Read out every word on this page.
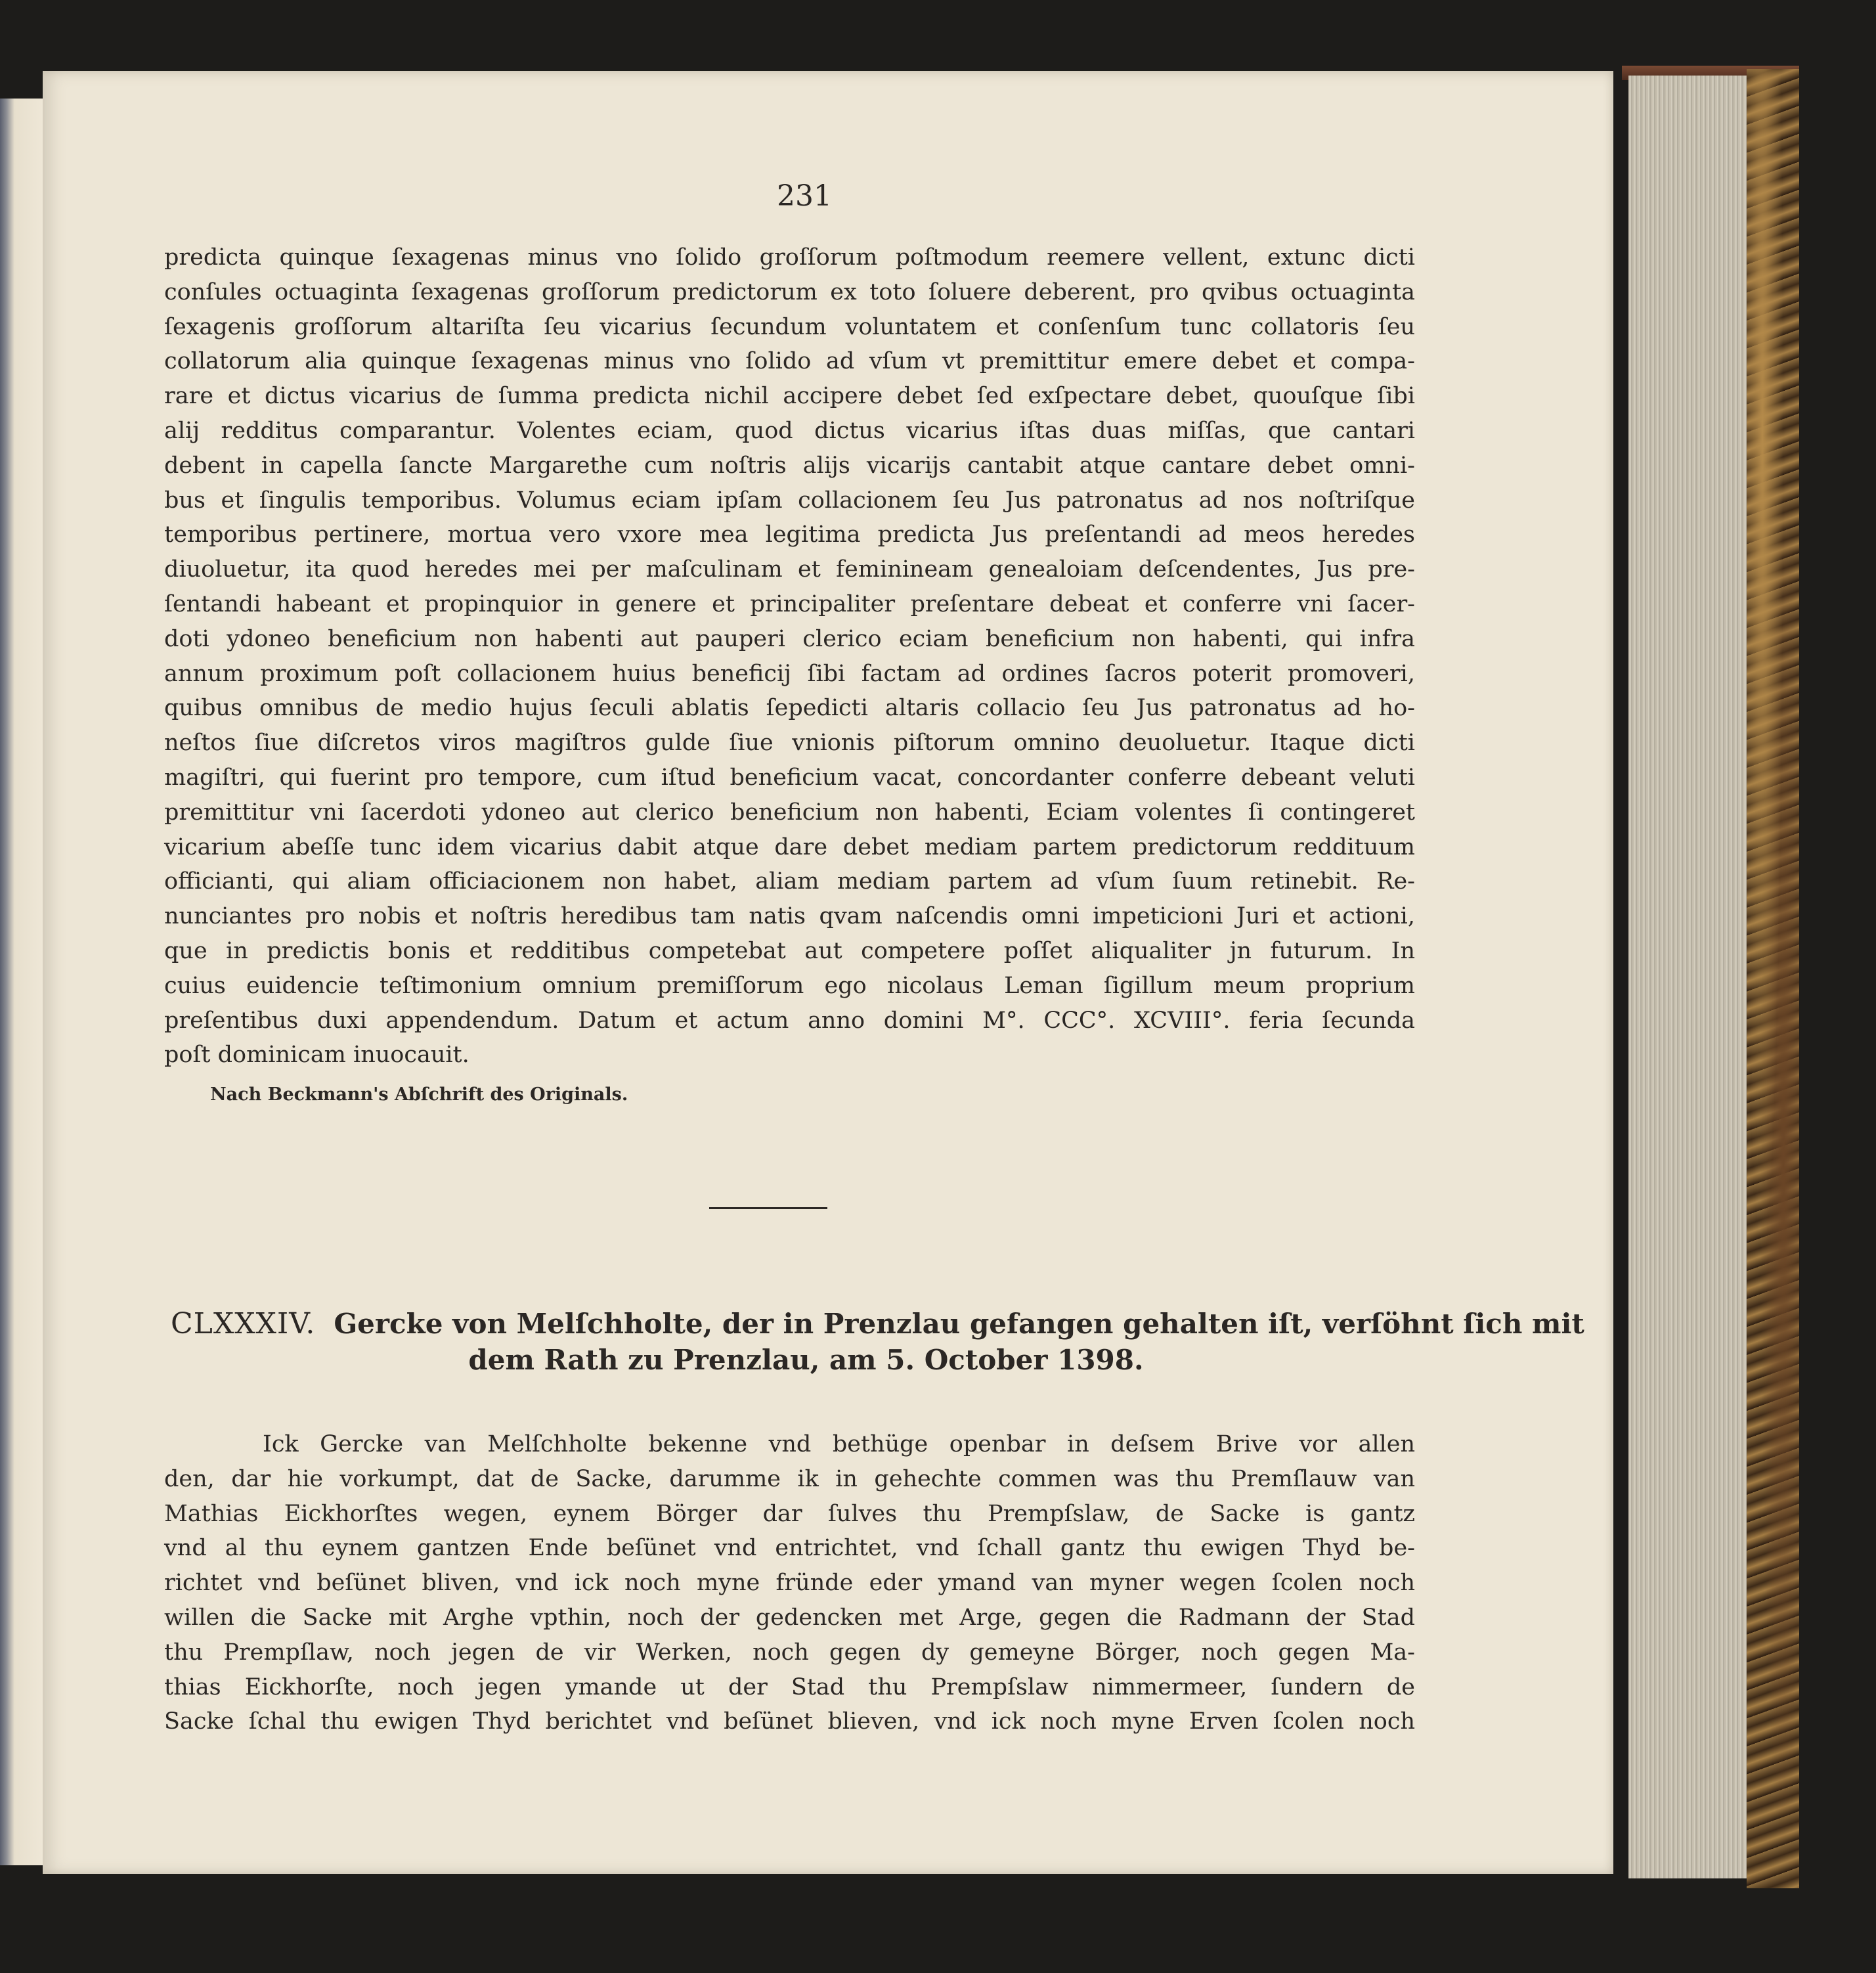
231
predicta quinque ſexagenas minus vno ſolido groſſorum poſtmodum reemere vellent, extunc dicti
conſules octuaginta ſexagenas groſſorum predictorum ex toto ſoluere deberent, pro qvibus octuaginta
ſexagenis groſſorum altariſta ſeu vicarius ſecundum voluntatem et conſenſum tunc collatoris ſeu
collatorum alia quinque ſexagenas minus vno ſolido ad vſum vt premittitur emere debet et compa-
rare et dictus vicarius de ſumma predicta nichil accipere debet ſed exſpectare debet, quouſque ſibi
alij redditus comparantur. Volentes eciam, quod dictus vicarius iſtas duas miſſas, que cantari
debent in capella ſancte Margarethe cum noſtris alijs vicarijs cantabit atque cantare debet omni-
bus et ſingulis temporibus. Volumus eciam ipſam collacionem ſeu Jus patronatus ad nos noſtriſque
temporibus pertinere, mortua vero vxore mea legitima predicta Jus preſentandi ad meos heredes
diuoluetur, ita quod heredes mei per maſculinam et femininеam genealoiam deſcendentes, Jus pre-
ſentandi habeant et propinquior in genere et principaliter preſentare debeat et conferre vni ſacer-
doti ydoneo beneficium non habenti aut pauperi clerico eciam beneficium non habenti, qui infra
annum proximum poſt collacionem huius beneficij ſibi factam ad ordines ſacros poterit promoveri,
quibus omnibus de medio hujus ſeculi ablatis ſepedicti altaris collacio ſeu Jus patronatus ad ho-
neſtos ſiue diſcretos viros magiſtros gulde ſiue vnionis piſtorum omnino deuoluetur. Itaque dicti
magiſtri, qui fuerint pro tempore, cum iſtud beneficium vacat, concordanter conferre debeant veluti
premittitur vni ſacerdoti ydoneo aut clerico beneficium non habenti, Eciam volentes ſi contingeret
vicarium abeſſe tunc idem vicarius dabit atque dare debet mediam partem predictorum reddituum
officianti, qui aliam officiacionem non habet, aliam mediam partem ad vſum ſuum retinebit. Re-
nunciantes pro nobis et noſtris heredibus tam natis qvam naſcendis omni impeticioni Juri et actioni,
que in predictis bonis et redditibus competebat aut competere poſſet aliqualiter jn futurum. In
cuius euidencie teſtimonium omnium premiſſorum ego nicolaus Leman ſigillum meum proprium
preſentibus duxi appendendum. Datum et actum anno domini M°. CCC°. XCVIII°. feria ſecunda
poſt dominicam inuocauit.
Nach Beckmann's Abſchrift des Originals.
CLXXXIV. Gercke von Melſchholte, der in Prenzlau gefangen gehalten iſt, verſöhnt ſich mit
dem Rath zu Prenzlau, am 5. October 1398.
Ick Gercke van Melſchholte bekenne vnd bethüge openbar in deſsem Brive vor allen
den, dar hie vorkumpt, dat de Sacke, darumme ik in gehechte commen was thu Premſlauw van
Mathias Eickhorſtes wegen, eynem Börger dar ſulves thu Prempſslaw, de Sacke is gantz
vnd al thu eynem gantzen Ende beſünet vnd entrichtet, vnd ſchall gantz thu ewigen Thyd be-
richtet vnd beſünet bliven, vnd ick noch myne fründe eder ymand van myner wegen ſcolen noch
willen die Sacke mit Arghe vpthin, noch der gedencken met Arge, gegen die Radmann der Stad
thu Prempſlaw, noch jegen de vir Werken, noch gegen dy gemeyne Börger, noch gegen Ma-
thias Eickhorſte, noch jegen ymande ut der Stad thu Prempſslaw nimmermeer, ſundern de
Sacke ſchal thu ewigen Thyd berichtet vnd beſünet blieven, vnd ick noch myne Erven ſcolen noch
